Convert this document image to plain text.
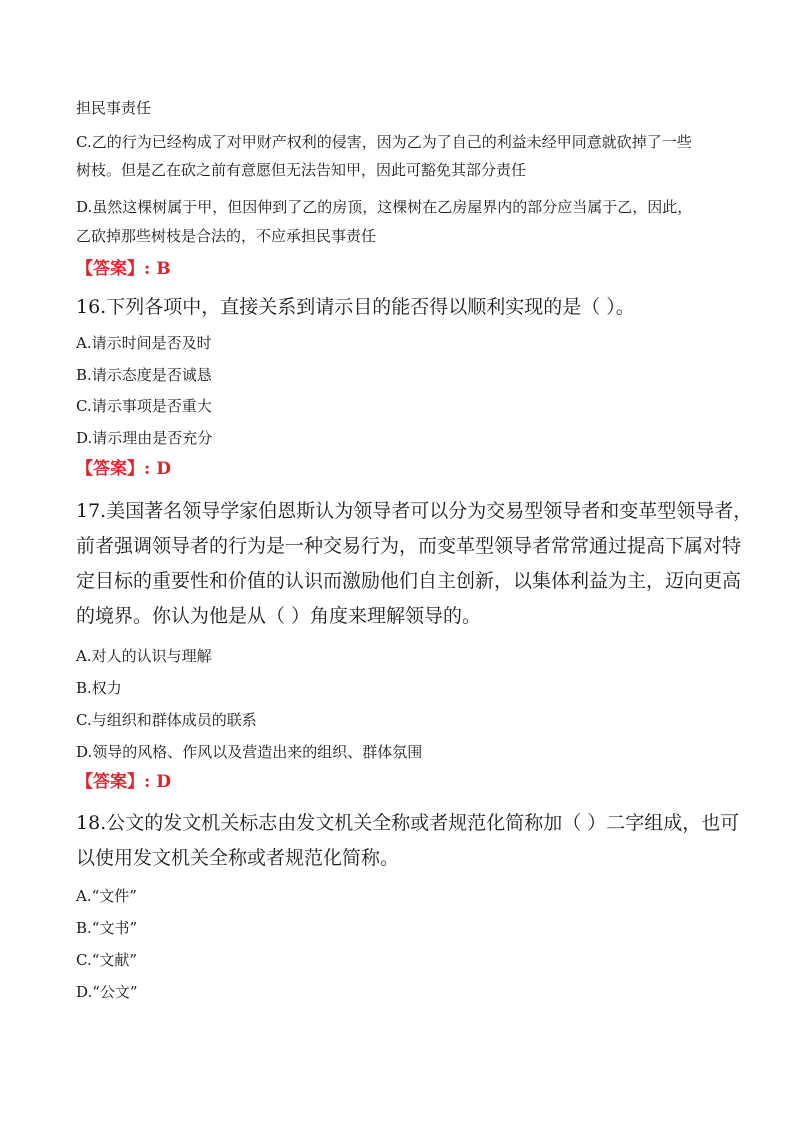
担民事责任
C.乙的行为已经构成了对甲财产权利的侵害，因为乙为了自己的利益未经甲同意就砍掉了一些
树枝。但是乙在砍之前有意愿但无法告知甲，因此可豁免其部分责任
D.虽然这棵树属于甲，但因伸到了乙的房顶，这棵树在乙房屋界内的部分应当属于乙，因此，
乙砍掉那些树枝是合法的，不应承担民事责任
【答案】: B
16.下列各项中，直接关系到请示目的能否得以顺利实现的是（ ）。
A.请示时间是否及时
B.请示态度是否诚恳
C.请示事项是否重大
D.请示理由是否充分
【答案】: D
17.美国著名领导学家伯恩斯认为领导者可以分为交易型领导者和变革型领导者，
前者强调领导者的行为是一种交易行为，而变革型领导者常常通过提高下属对特
定目标的重要性和价值的认识而激励他们自主创新，以集体利益为主，迈向更高
的境界。你认为他是从（ ）角度来理解领导的。
A.对人的认识与理解
B.权力
C.与组织和群体成员的联系
D.领导的风格、作风以及营造出来的组织、群体氛围
【答案】: D
18.公文的发文机关标志由发文机关全称或者规范化简称加（ ）二字组成，也可
以使用发文机关全称或者规范化简称。
A.“文件”
B.“文书”
C.“文献”
D.“公文”
